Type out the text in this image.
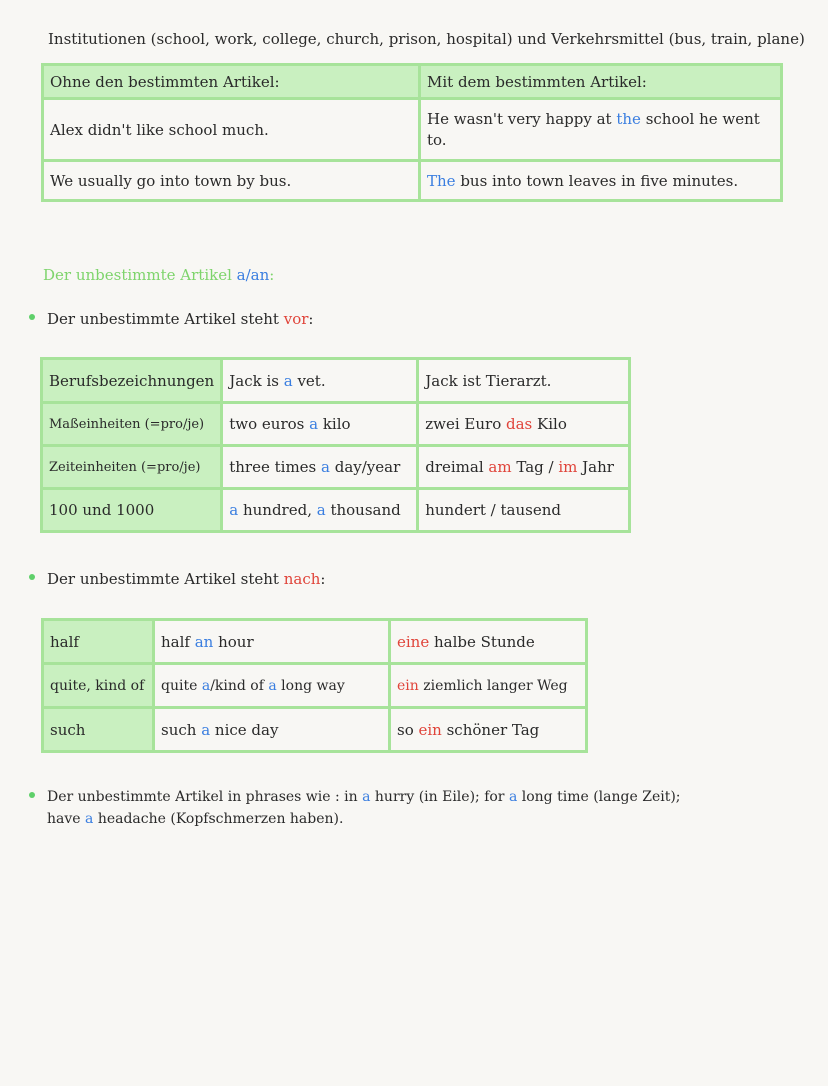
Institutionen (school, work, college, church, prison, hospital) und Verkehrsmittel (bus, train, plane)
Ohne den bestimmten Artikel:	Mit dem bestimmten Artikel:
Alex didn't like school much.	He wasn't very happy at the school he went to.
We usually go into town by bus.	The bus into town leaves in five minutes.
Der unbestimmte Artikel a/an:
Der unbestimmte Artikel steht vor:
Berufsbezeichnungen	Jack is a vet.	Jack ist Tierarzt.
Maßeinheiten (=pro/je)	two euros a kilo	zwei Euro das Kilo
Zeiteinheiten (=pro/je)	three times a day/year	dreimal am Tag / im Jahr
100 und 1000	a hundred, a thousand	hundert / tausend
Der unbestimmte Artikel steht nach:
half	half an hour	eine halbe Stunde
quite, kind of	quite a/kind of a long way	ein ziemlich langer Weg
such	such a nice day	so ein schöner Tag
Der unbestimmte Artikel in phrases wie : in a hurry (in Eile); for a long time (lange Zeit);
have a headache (Kopfschmerzen haben).
